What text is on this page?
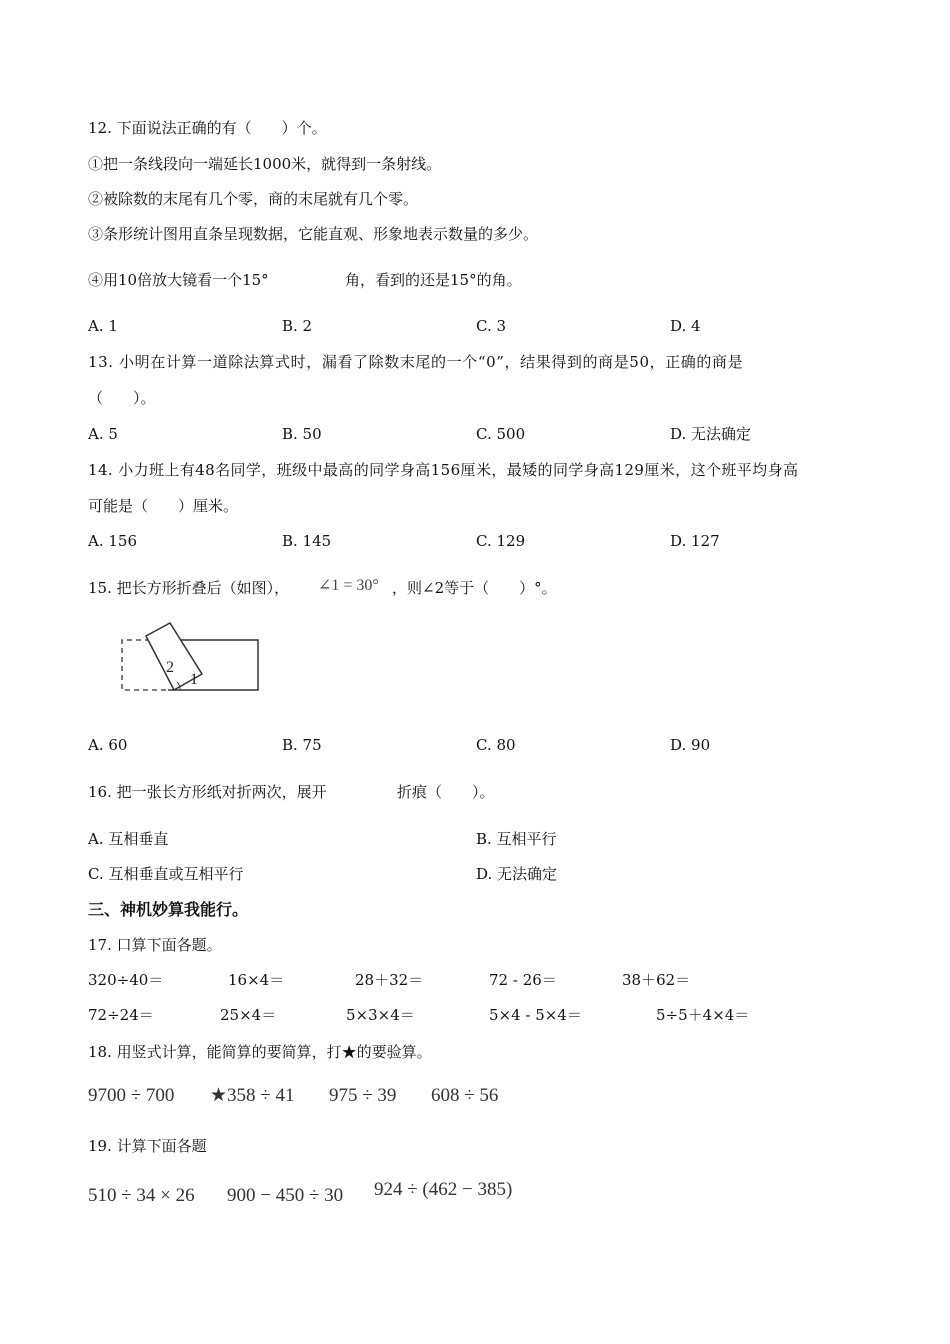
12. 下面说法正确的有（　　）个。
①把一条线段向一端延长1000米，就得到一条射线。
②被除数的末尾有几个零，商的末尾就有几个零。
③条形统计图用直条呈现数据，它能直观、形象地表示数量的多少。
④用10倍放大镜看一个15°	角，看到的还是15°的角。
A. 1	B. 2	C. 3	D. 4
13. 小明在计算一道除法算式时，漏看了除数末尾的一个“0”，结果得到的商是50，正确的商是
（　　）。
A. 5	B. 50	C. 500	D. 无法确定
14. 小力班上有48名同学，班级中最高的同学身高156厘米，最矮的同学身高129厘米，这个班平均身高
可能是（　　）厘米。
A. 156	B. 145	C. 129	D. 127
15. 把长方形折叠后（如图）， ∠1 = 30° ，则∠2等于（　　）°。
2
1
A. 60	B. 75	C. 80	D. 90
16. 把一张长方形纸对折两次，展开	折痕（　　）。
A. 互相垂直	B. 互相平行
C. 互相垂直或互相平行	D. 无法确定
三、神机妙算我能行。
17. 口算下面各题。
320÷40＝	16×4＝	28＋32＝	72 - 26＝	38＋62＝
72÷24＝	25×4＝	5×3×4＝	5×4 - 5×4＝	5÷5＋4×4＝
18. 用竖式计算，能简算的要简算，打★的要验算。
9700 ÷ 700 ★358 ÷ 41 975 ÷ 39 608 ÷ 56
19. 计算下面各题
510 ÷ 34 × 26 900 − 450 ÷ 30 924 ÷ (462 − 385)
